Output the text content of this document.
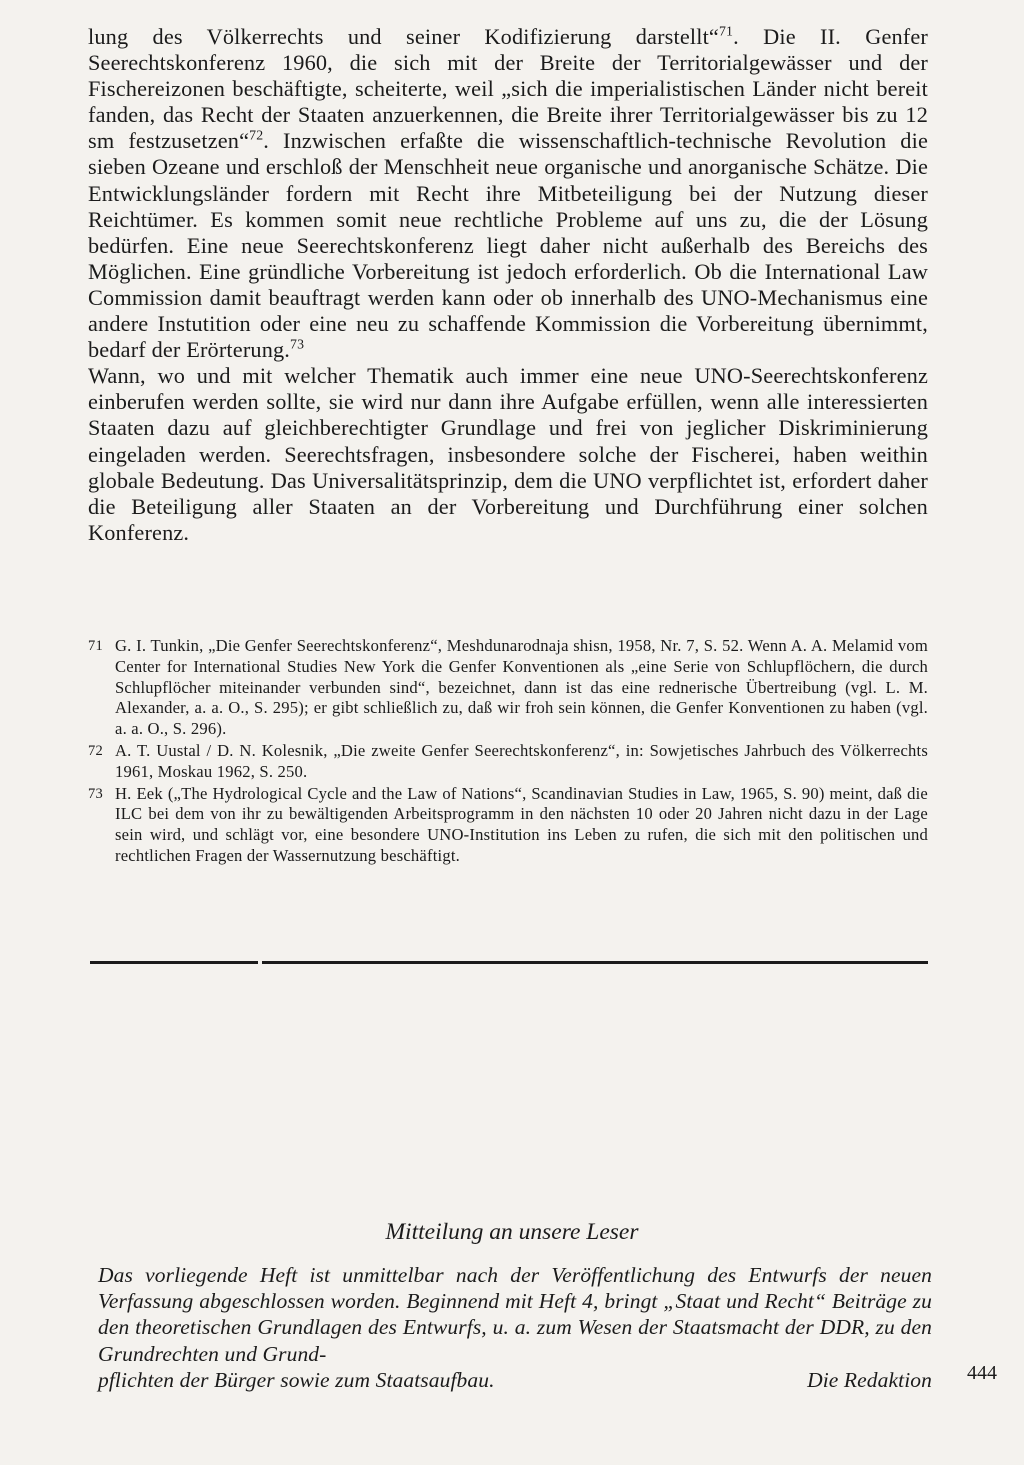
lung des Völkerrechts und seiner Kodifizierung darstellt“$^{71}$. Die II. Genfer Seerechtskonferenz 1960, die sich mit der Breite der Territorialgewässer und der Fischereizonen beschäftigte, scheiterte, weil „sich die imperialistischen Länder nicht bereit fanden, das Recht der Staaten anzuerkennen, die Breite ihrer Territorialgewässer bis zu 12 sm festzusetzen“$^{72}$. Inzwischen erfaßte die wissenschaftlich-technische Revolution die sieben Ozeane und erschloß der Menschheit neue organische und anorganische Schätze. Die Entwicklungsländer fordern mit Recht ihre Mitbeteiligung bei der Nutzung dieser Reichtümer. Es kommen somit neue rechtliche Probleme auf uns zu, die der Lösung bedürfen. Eine neue Seerechtskonferenz liegt daher nicht außerhalb des Bereichs des Möglichen. Eine gründliche Vorbereitung ist jedoch erforderlich. Ob die International Law Commission damit beauftragt werden kann oder ob innerhalb des UNO-Mechanismus eine andere Instutition oder eine neu zu schaffende Kommission die Vorbereitung übernimmt, bedarf der Erörterung.$^{73}$

Wann, wo und mit welcher Thematik auch immer eine neue UNO-Seerechtskonferenz einberufen werden sollte, sie wird nur dann ihre Aufgabe erfüllen, wenn alle interessierten Staaten dazu auf gleichberechtigter Grundlage und frei von jeglicher Diskriminierung eingeladen werden. Seerechtsfragen, insbesondere solche der Fischerei, haben weithin globale Bedeutung. Das Universalitätsprinzip, dem die UNO verpflichtet ist, erfordert daher die Beteiligung aller Staaten an der Vorbereitung und Durchführung einer solchen Konferenz.

71 G. I. Tunkin, „Die Genfer Seerechtskonferenz“, Meshdunarodnaja shisn, 1958, Nr. 7, S. 52. Wenn A. A. Melamid vom Center for International Studies New York die Genfer Konventionen als „eine Serie von Schlupflöchern, die durch Schlupflöcher miteinander verbunden sind“, bezeichnet, dann ist das eine rednerische Übertreibung (vgl. L. M. Alexander, a. a. O., S. 295); er gibt schließlich zu, daß wir froh sein können, die Genfer Konventionen zu haben (vgl. a. a. O., S. 296).
72 A. T. Uustal / D. N. Kolesnik, „Die zweite Genfer Seerechtskonferenz“, in: Sowjetisches Jahrbuch des Völkerrechts 1961, Moskau 1962, S. 250.
73 H. Eek („The Hydrological Cycle and the Law of Nations“, Scandinavian Studies in Law, 1965, S. 90) meint, daß die ILC bei dem von ihr zu bewältigenden Arbeitsprogramm in den nächsten 10 oder 20 Jahren nicht dazu in der Lage sein wird, und schlägt vor, eine besondere UNO-Institution ins Leben zu rufen, die sich mit den politischen und rechtlichen Fragen der Wassernutzung beschäftigt.
Mitteilung an unsere Leser
Das vorliegende Heft ist unmittelbar nach der Veröffentlichung des Entwurfs der neuen Verfassung abgeschlossen worden. Beginnend mit Heft 4, bringt „Staat und Recht“ Beiträge zu den theoretischen Grundlagen des Entwurfs, u. a. zum Wesen der Staatsmacht der DDR, zu den Grundrechten und Grund-
pflichten der Bürger sowie zum Staatsaufbau.	Die Redaktion 444
